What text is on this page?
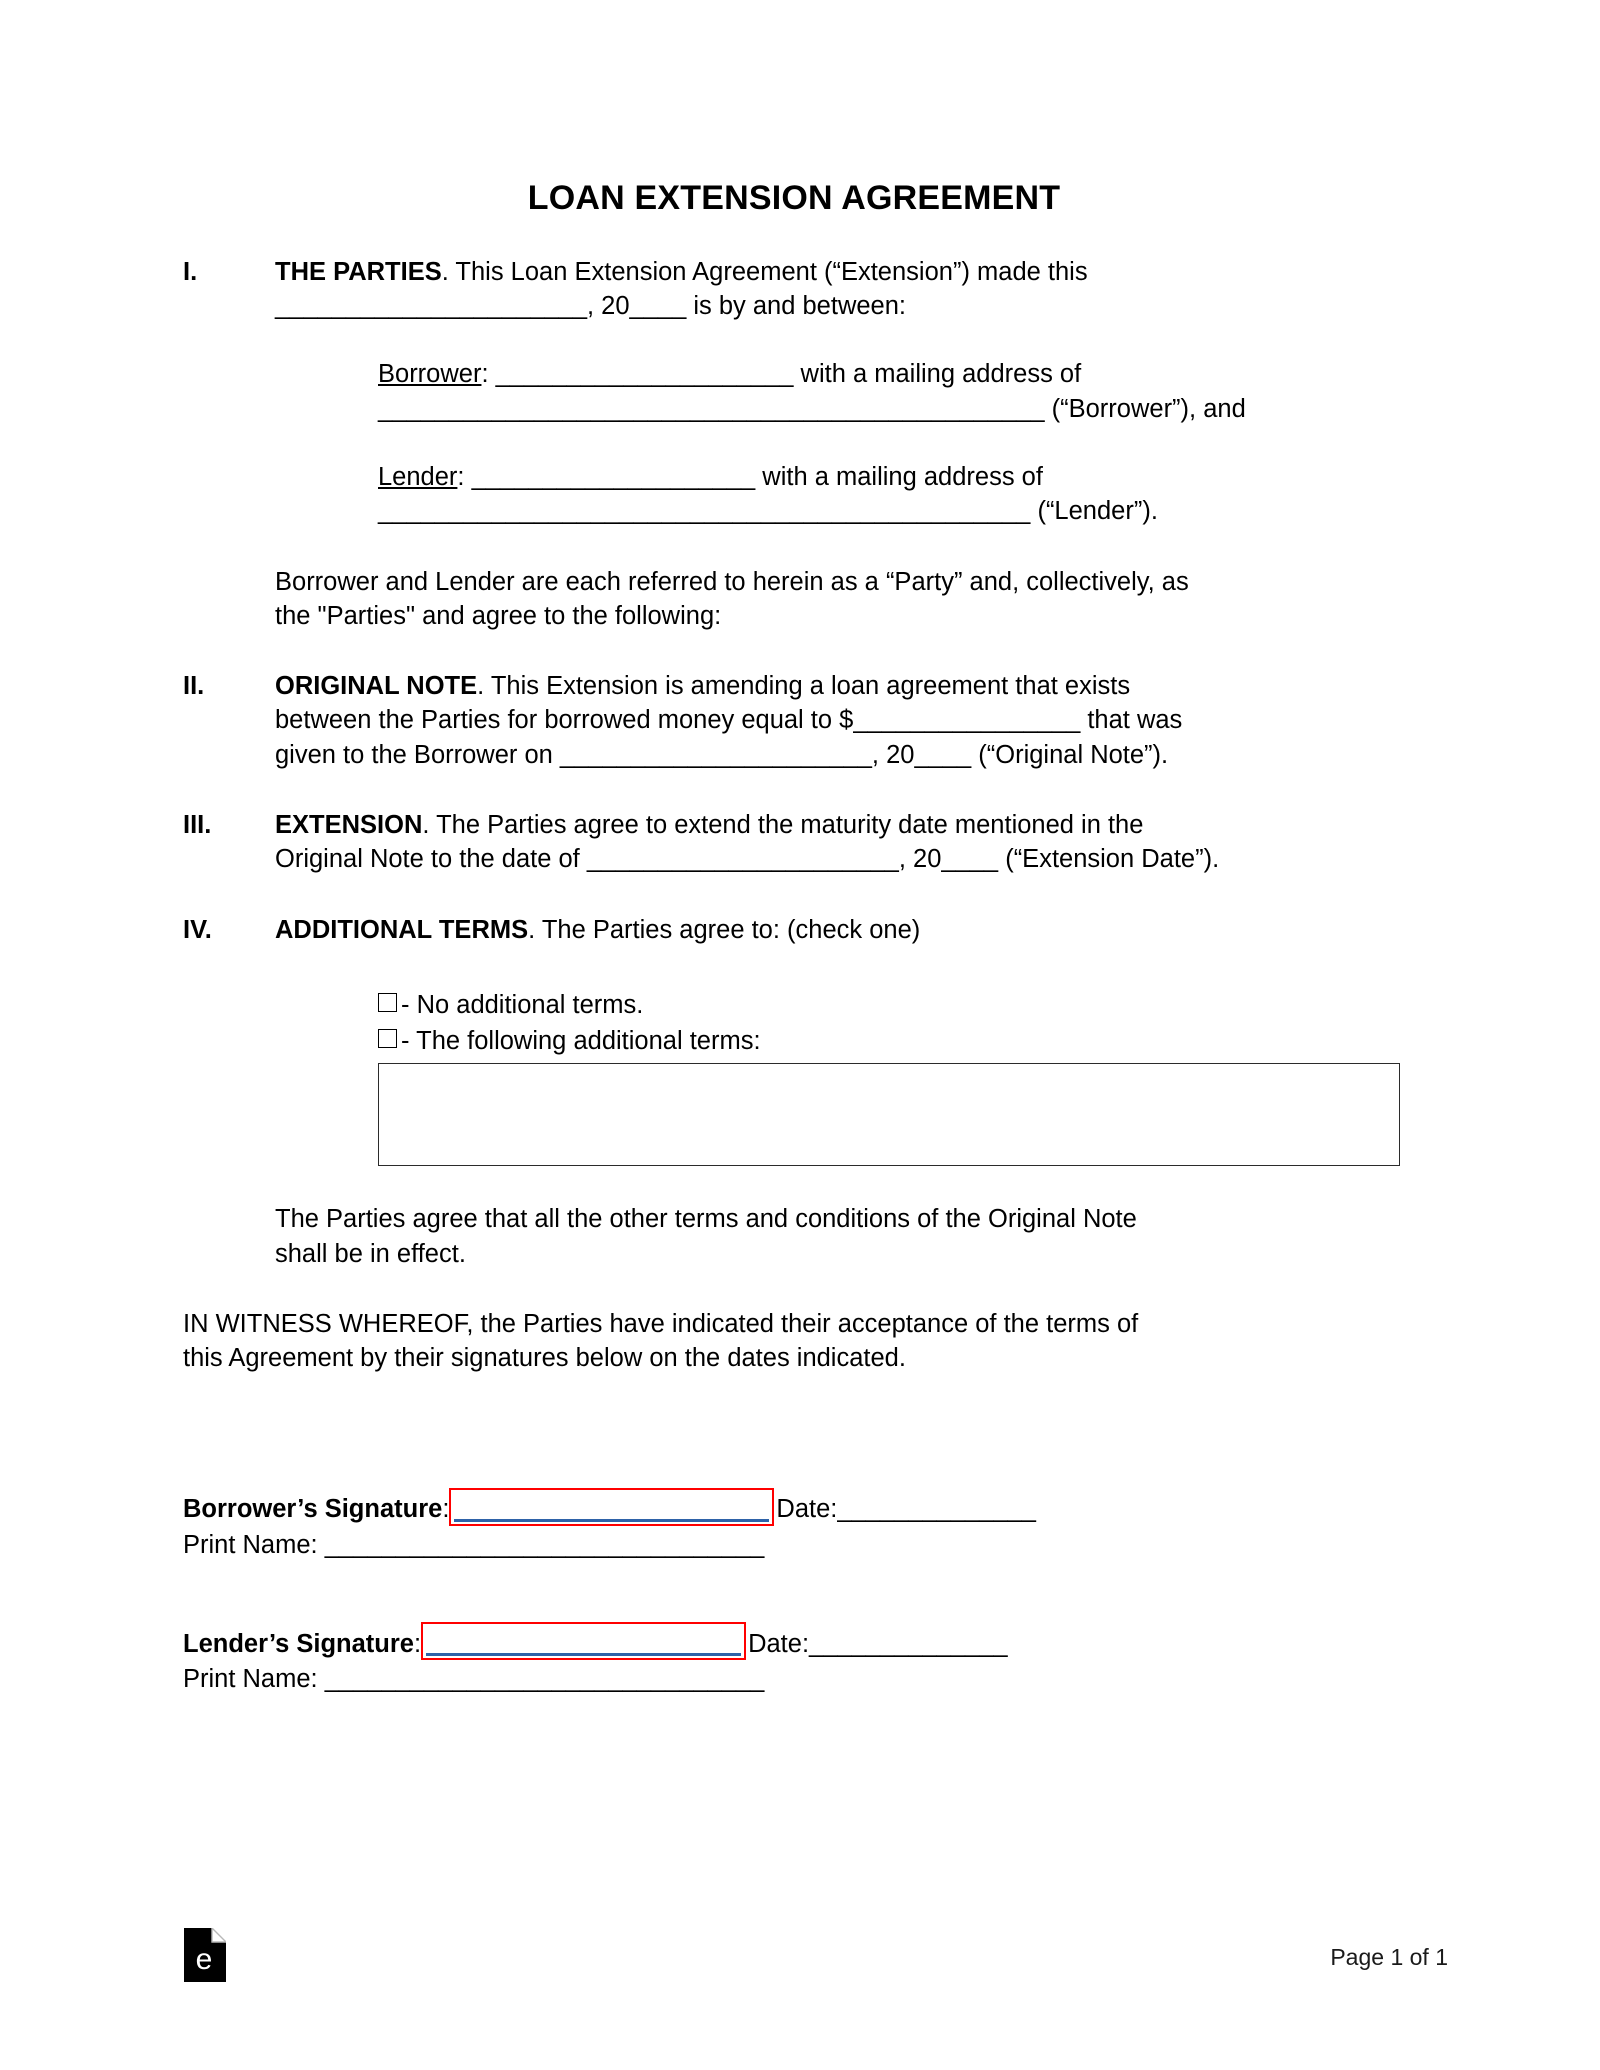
LOAN EXTENSION AGREEMENT
I.	THE PARTIES. This Loan Extension Agreement (“Extension”) made this
______________________, 20____ is by and between:
Borrower: _____________________ with a mailing address of
_______________________________________________ (“Borrower”), and
Lender: ____________________ with a mailing address of
______________________________________________ (“Lender”).
Borrower and Lender are each referred to herein as a “Party” and, collectively, as
the "Parties" and agree to the following:
II.	ORIGINAL NOTE. This Extension is amending a loan agreement that exists
between the Parties for borrowed money equal to $________________ that was
given to the Borrower on ______________________, 20____ (“Original Note”).
III.	EXTENSION. The Parties agree to extend the maturity date mentioned in the
Original Note to the date of ______________________, 20____ (“Extension Date”).
IV.	ADDITIONAL TERMS. The Parties agree to: (check one)
- No additional terms.
- The following additional terms:
The Parties agree that all the other terms and conditions of the Original Note
shall be in effect.
IN WITNESS WHEREOF, the Parties have indicated their acceptance of the terms of
this Agreement by their signatures below on the dates indicated.
Borrower’s Signature :	Date: ______________
Print Name: _______________________________
Lender’s Signature :	Date: ______________
Print Name: _______________________________
e	Page 1 of 1
